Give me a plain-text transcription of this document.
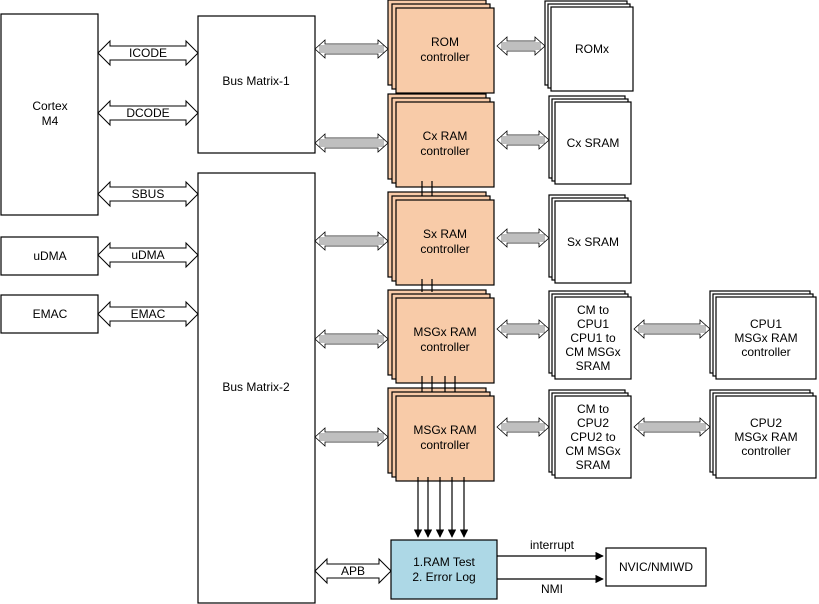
Cortex
M4
uDMA
EMAC
Bus Matrix-1
Bus Matrix-2
ICODE
DCODE
SBUS
uDMA
EMAC
APB
ROM
controller
Cx RAM
controller
Sx RAM
controller
MSGx RAM
controller
MSGx RAM
controller
ROMx
Cx SRAM
Sx SRAM
CM to
CPU1
CPU1 to
CM MSGx
SRAM
CM to
CPU2
CPU2 to
CM MSGx
SRAM
CPU1
MSGx RAM
controller
CPU2
MSGx RAM
controller
1.RAM Test
2. Error Log
NVIC/NMIWD
interrupt
NMI
